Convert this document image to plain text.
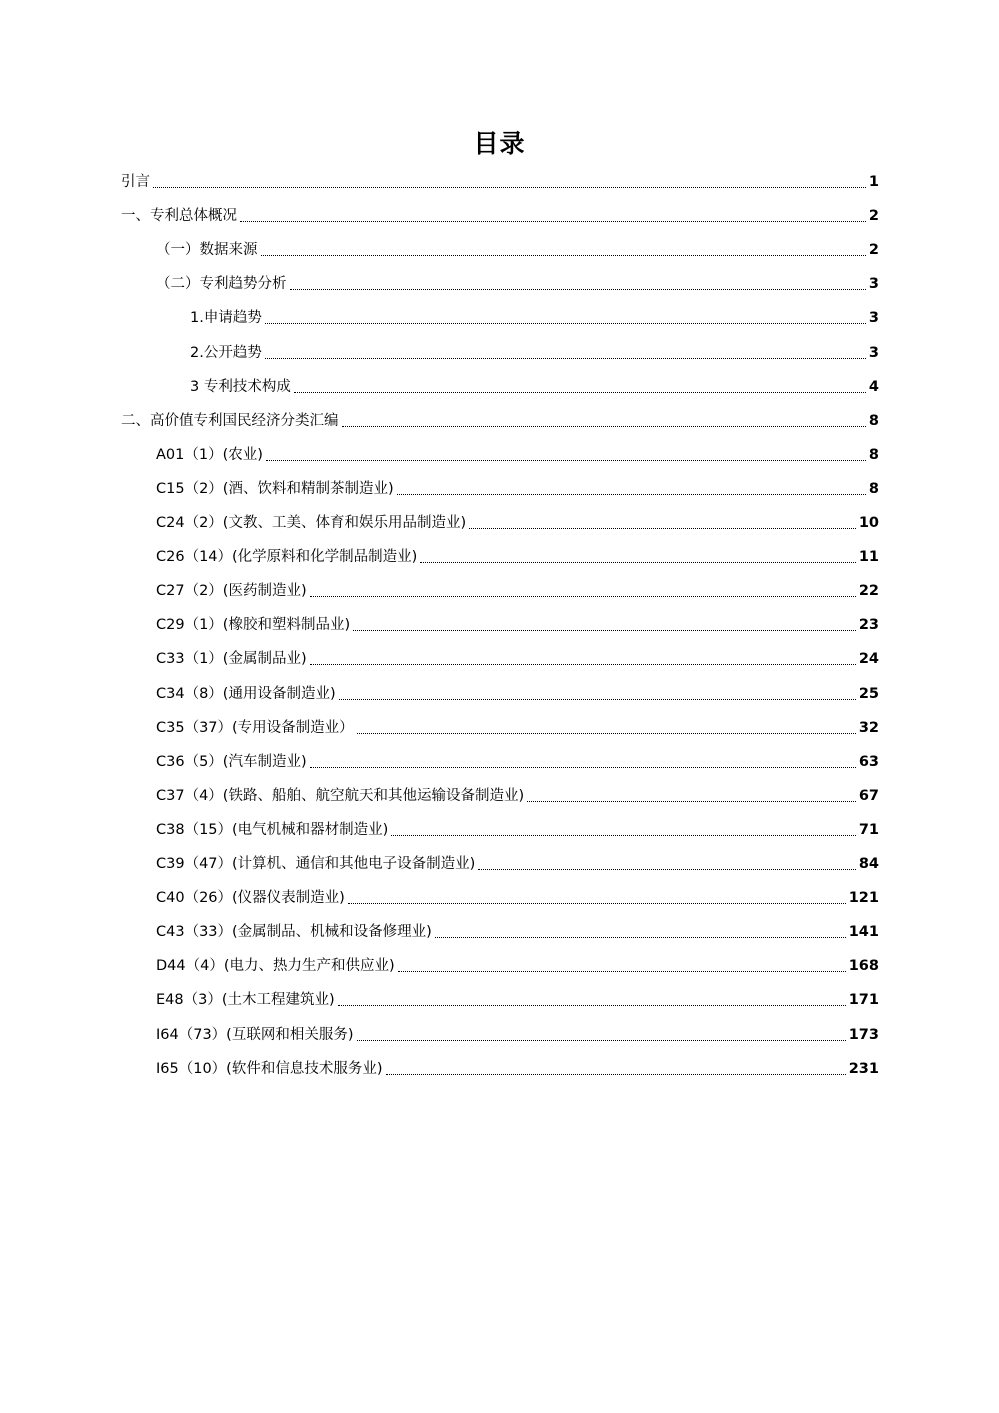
目录
引言	1
一、专利总体概况	2
（一）数据来源	2
（二）专利趋势分析	3
1.申请趋势	3
2.公开趋势	3
3 专利技术构成	4
二、高价值专利国民经济分类汇编	8
A01（1）(农业)	8
C15（2）(酒、饮料和精制茶制造业)	8
C24（2）(文教、工美、体育和娱乐用品制造业)	10
C26（14）(化学原料和化学制品制造业)	11
C27（2）(医药制造业)	22
C29（1）(橡胶和塑料制品业)	23
C33（1）(金属制品业)	24
C34（8）(通用设备制造业)	25
C35（37）(专用设备制造业）	32
C36（5）(汽车制造业)	63
C37（4）(铁路、船舶、航空航天和其他运输设备制造业)	67
C38（15）(电气机械和器材制造业)	71
C39（47）(计算机、通信和其他电子设备制造业)	84
C40（26）(仪器仪表制造业)	121
C43（33）(金属制品、机械和设备修理业)	141
D44（4）(电力、热力生产和供应业)	168
E48（3）(土木工程建筑业)	171
I64（73）(互联网和相关服务)	173
I65（10）(软件和信息技术服务业)	231
